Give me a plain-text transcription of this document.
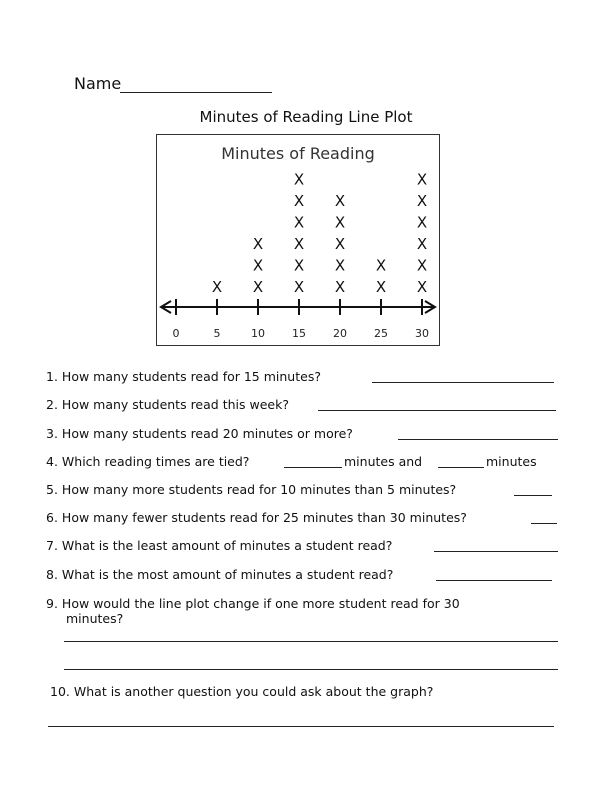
Name
Minutes of Reading Line Plot
Minutes of Reading
0	5	10 15 20 25 30
X X
X
X
X
X
X
X
X
X
X
X
X
X
X
X
X
X
X
X
X
X
X
1. How many students read for 15 minutes?
2. How many students read this week?
3. How many students read 20 minutes or more?
4. Which reading times are tied?	minutes and	minutes
5. How many more students read for 10 minutes than 5 minutes?
6. How many fewer students read for 25 minutes than 30 minutes?
7. What is the least amount of minutes a student read?
8. What is the most amount of minutes a student read?
9. How would the line plot change if one more student read for 30
minutes?
10. What is another question you could ask about the graph?
